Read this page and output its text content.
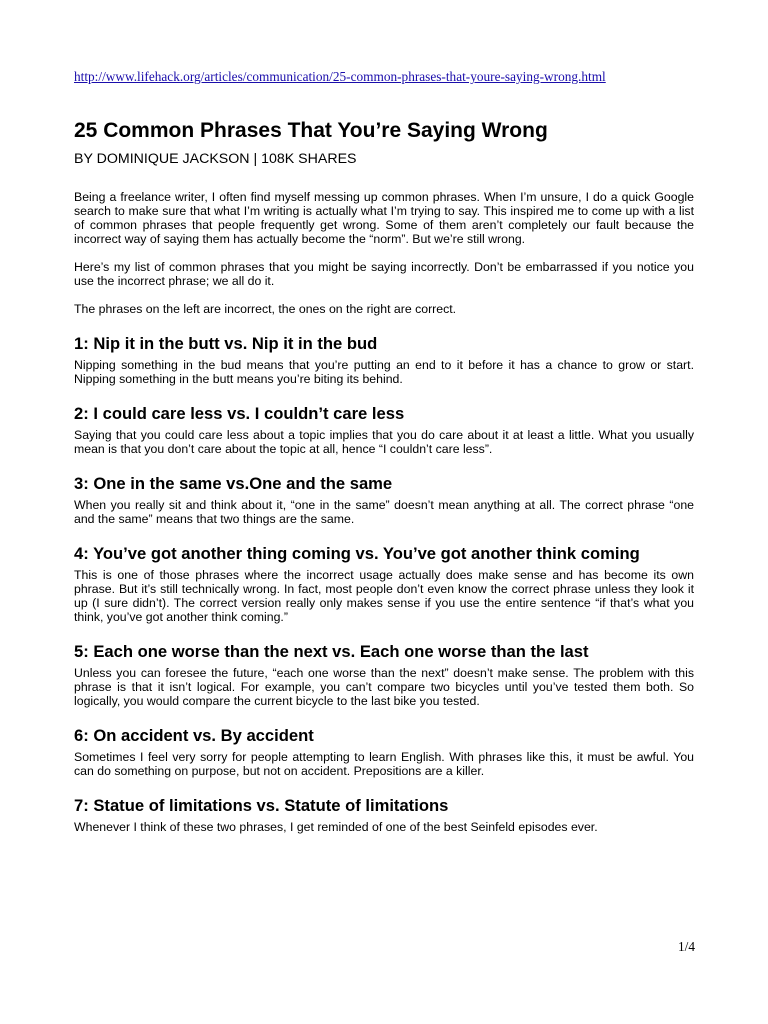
http://www.lifehack.org/articles/communication/25-common-phrases-that-youre-saying-wrong.html
25 Common Phrases That You’re Saying Wrong
BY DOMINIQUE JACKSON | 108K SHARES

Being a freelance writer, I often find myself messing up common phrases. When I’m unsure, I do a quick Google search to make sure that what I’m writing is actually what I’m trying to say. This inspired me to come up with a list of common phrases that people frequently get wrong. Some of them aren’t completely our fault because the incorrect way of saying them has actually become the “norm”. But we’re still wrong.

Here’s my list of common phrases that you might be saying incorrectly. Don’t be embarrassed if you notice you use the incorrect phrase; we all do it.

The phrases on the left are incorrect, the ones on the right are correct.

1: Nip it in the butt vs. Nip it in the bud

Nipping something in the bud means that you’re putting an end to it before it has a chance to grow or start. Nipping something in the butt means you’re biting its behind.

2: I could care less vs. I couldn’t care less

Saying that you could care less about a topic implies that you do care about it at least a little. What you usually mean is that you don’t care about the topic at all, hence “I couldn’t care less”.

3: One in the same vs.One and the same

When you really sit and think about it, “one in the same” doesn’t mean anything at all. The correct phrase “one and the same” means that two things are the same.

4: You’ve got another thing coming vs. You’ve got another think coming

This is one of those phrases where the incorrect usage actually does make sense and has become its own phrase. But it’s still technically wrong. In fact, most people don’t even know the correct phrase unless they look it up (I sure didn’t). The correct version really only makes sense if you use the entire sentence “if that’s what you think, you’ve got another think coming.”

5: Each one worse than the next vs. Each one worse than the last

Unless you can foresee the future, “each one worse than the next” doesn’t make sense. The problem with this phrase is that it isn’t logical. For example, you can’t compare two bicycles until you’ve tested them both. So logically, you would compare the current bicycle to the last bike you tested.

6: On accident vs. By accident

Sometimes I feel very sorry for people attempting to learn English. With phrases like this, it must be awful. You can do something on purpose, but not on accident. Prepositions are a killer.

7: Statue of limitations vs. Statute of limitations

Whenever I think of these two phrases, I get reminded of one of the best Seinfeld episodes ever.

1/4
